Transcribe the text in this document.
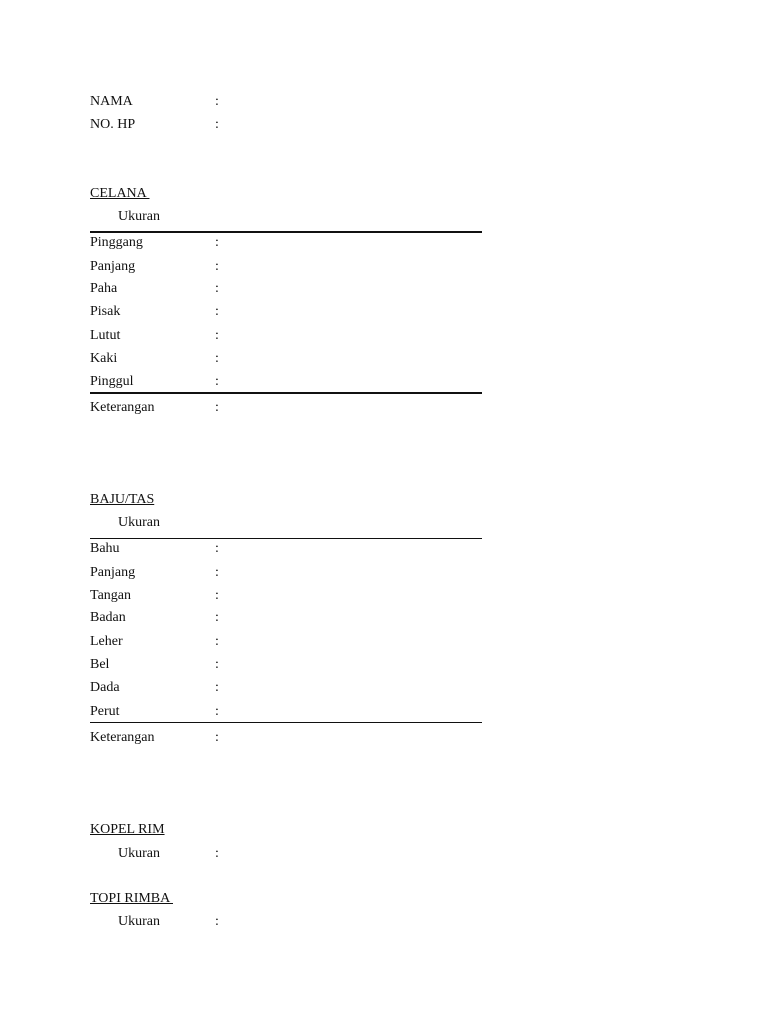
NAMA	:
NO. HP	:
CELANA
Ukuran
Pinggang	:
Panjang	:
Paha	:
Pisak	:
Lutut	:
Kaki	:
Pinggul	:
Keterangan	:
BAJU/TAS
Ukuran
Bahu	:
Panjang	:
Tangan	:
Badan	:
Leher	:
Bel	:
Dada	:
Perut	:
Keterangan	:
KOPEL RIM
Ukuran	:
TOPI RIMBA
Ukuran	:
